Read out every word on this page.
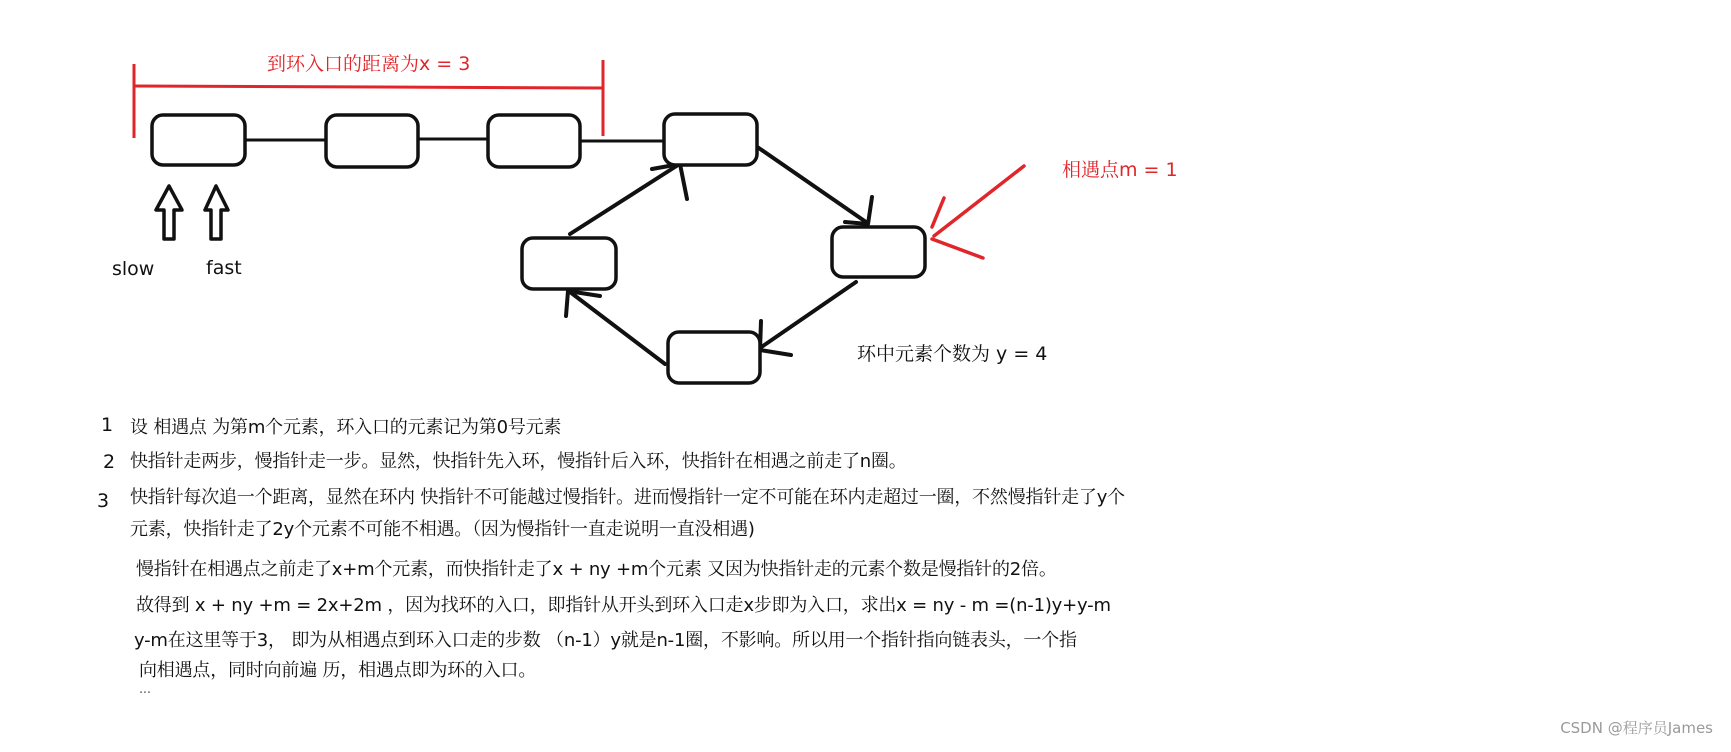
到环入口的距离为x = 3
相遇点m = 1
环中元素个数为 y = 4
slow	fast
1
2
3
设 相遇点 为第m个元素，环入口的元素记为第0号元素
快指针走两步，慢指针走一步。显然，快指针先入环，慢指针后入环，快指针在相遇之前走了n圈。
快指针每次追一个距离，显然在环内 快指针不可能越过慢指针。进而慢指针一定不可能在环内走超过一圈，不然慢指针走了y个
元素，快指针走了2y个元素不可能不相遇。（因为慢指针一直走说明一直没相遇)
慢指针在相遇点之前走了x+m个元素，而快指针走了x + ny +m个元素 又因为快指针走的元素个数是慢指针的2倍。
故得到 x + ny +m = 2x+2m ，因为找环的入口，即指针从开头到环入口走x步即为入口，求出x = ny - m =(n-1)y+y-m
y-m在这里等于3， 即为从相遇点到环入口走的步数 （n-1）y就是n-1圈，不影响。所以用一个指针指向链表头，一个指
向相遇点，同时向前遍 历，相遇点即为环的入口。
...
CSDN @程序员James
